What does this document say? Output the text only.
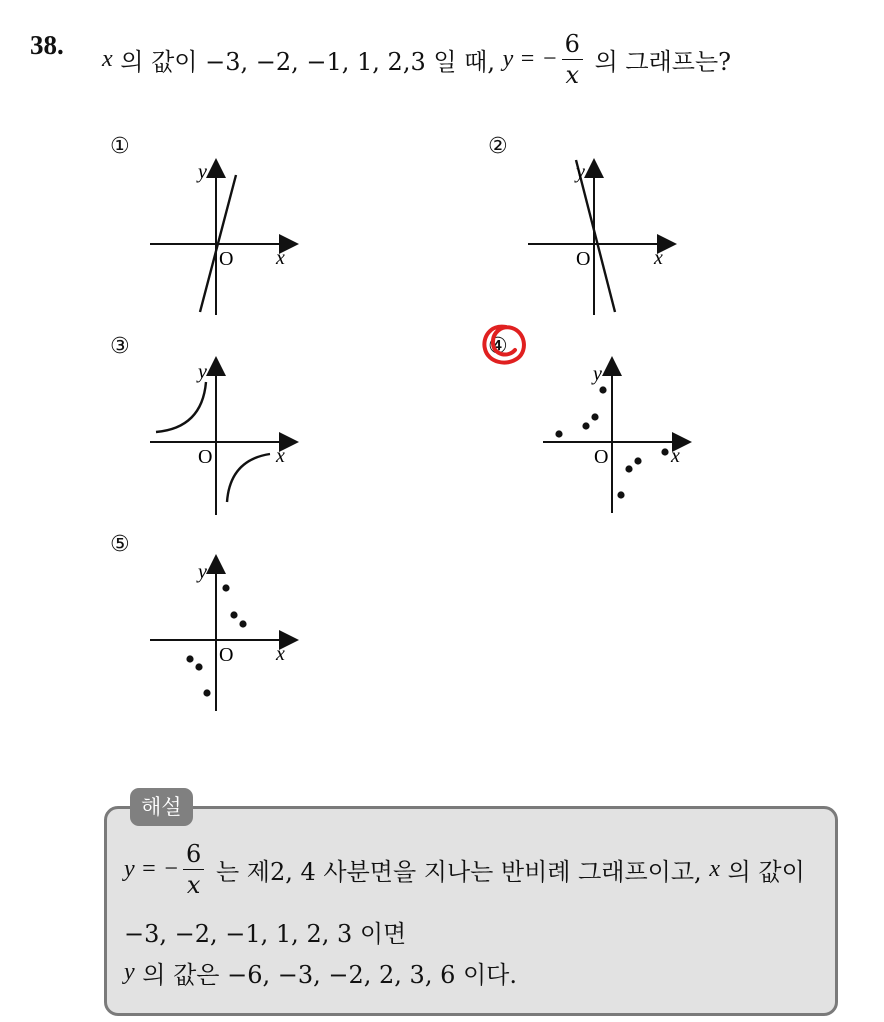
38. x 의 값이 −3, −2, −1, 1, 2,3 일 때, y = − $\frac{6}{x}$ 의 그래프는?
①
y
x
O
②
y
x
O
③
y
x
O
④
y
x
O
⑤
y
x
O
해설
y = − $\frac{6}{x}$ 는 제2, 4 사분면을 지나는 반비례 그래프이고, x 의 값이
−3, −2, −1, 1, 2, 3 이면
y 의 값은 −6, −3, −2, 2, 3, 6 이다.
